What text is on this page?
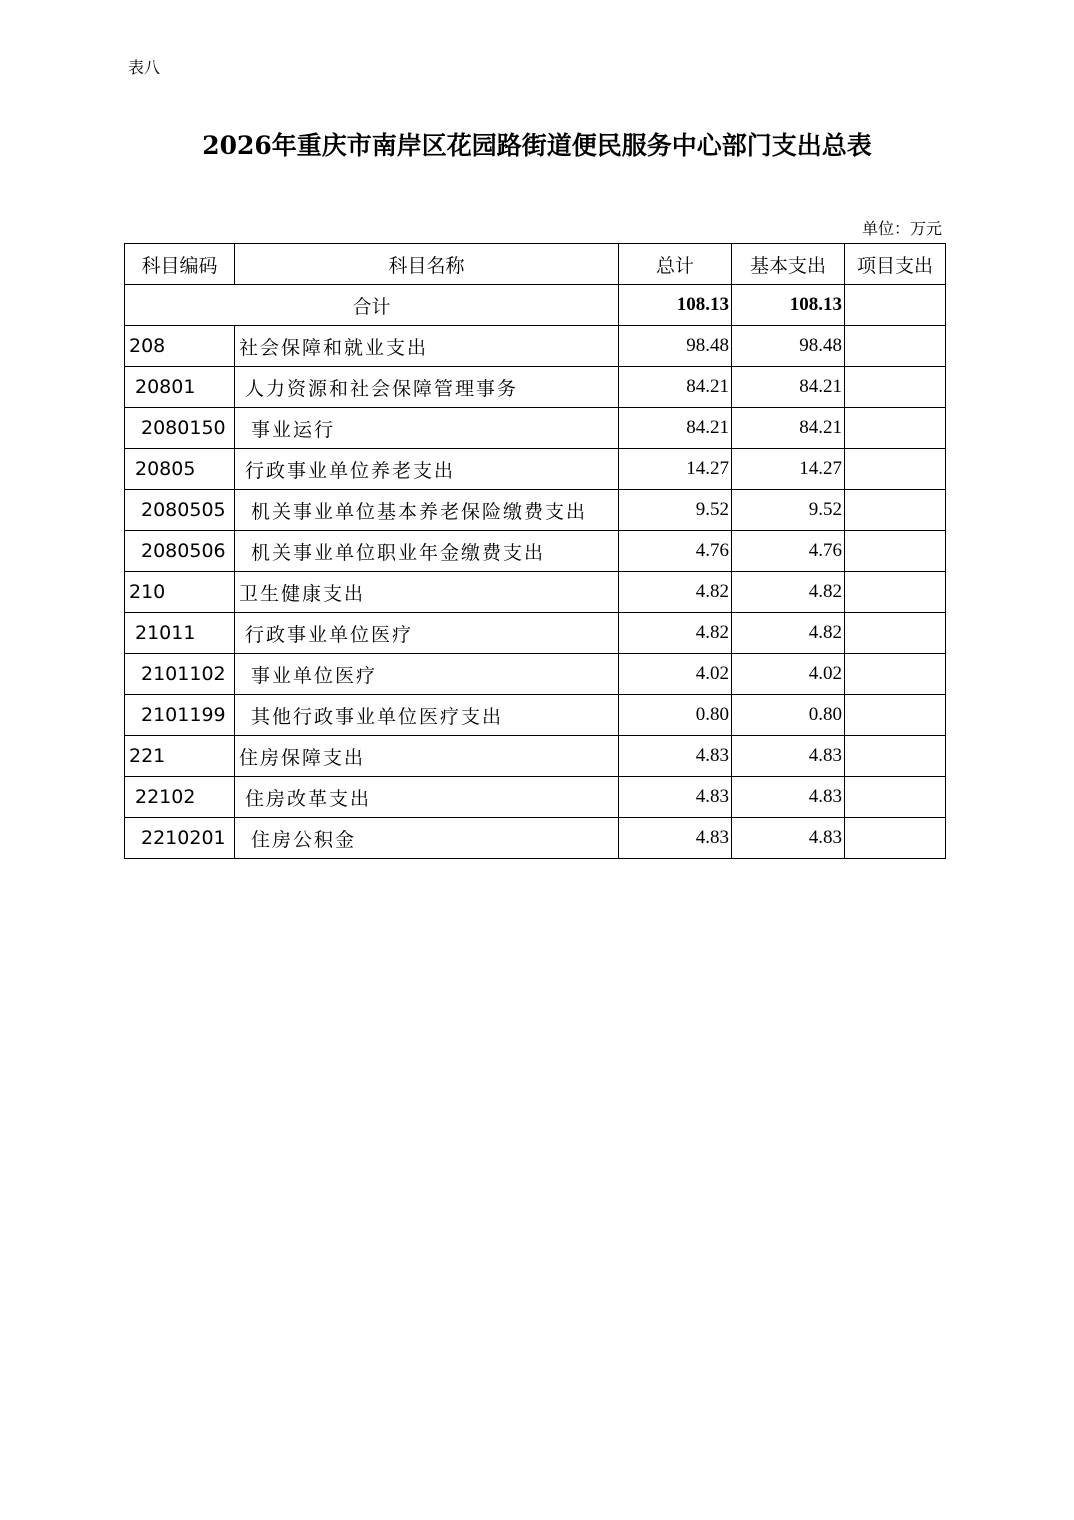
表八
2026年重庆市南岸区花园路街道便民服务中心部门支出总表
单位：万元
科目编码	科目名称	总计	基本支出	项目支出
合计		108.13	108.13	
208	社会保障和就业支出	98.48	98.48	
20801	人力资源和社会保障管理事务	84.21	84.21	
2080150	事业运行	84.21	84.21	
20805	行政事业单位养老支出	14.27	14.27	
2080505	机关事业单位基本养老保险缴费支出	9.52	9.52	
2080506	机关事业单位职业年金缴费支出	4.76	4.76	
210	卫生健康支出	4.82	4.82	
21011	行政事业单位医疗	4.82	4.82	
2101102	事业单位医疗	4.02	4.02	
2101199	其他行政事业单位医疗支出	0.80	0.80	
221	住房保障支出	4.83	4.83	
22102	住房改革支出	4.83	4.83	
2210201	住房公积金	4.83	4.83	
